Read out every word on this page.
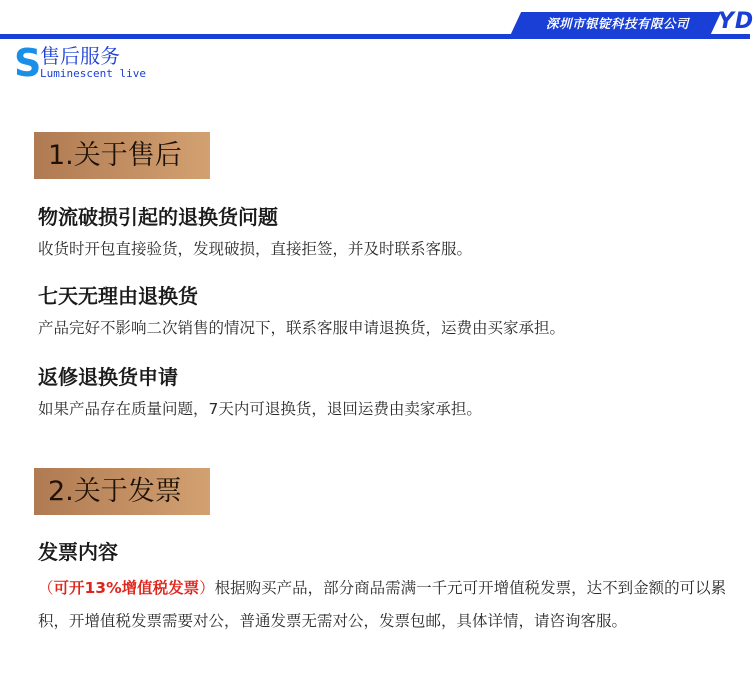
深圳市银锭科技有限公司	YD
S
售后服务
Luminescent live
1.关于售后
物流破损引起的退换货问题
收货时开包直接验货，发现破损，直接拒签，并及时联系客服。
七天无理由退换货
产品完好不影响二次销售的情况下，联系客服申请退换货，运费由买家承担。
返修退换货申请
如果产品存在质量问题，7天内可退换货，退回运费由卖家承担。
2.关于发票
发票内容
（可开13%增值税发票）根据购买产品，部分商品需满一千元可开增值税发票，达不到金额的可以累积，开增值税发票需要对公，普通发票无需对公，发票包邮，具体详情，请咨询客服。
